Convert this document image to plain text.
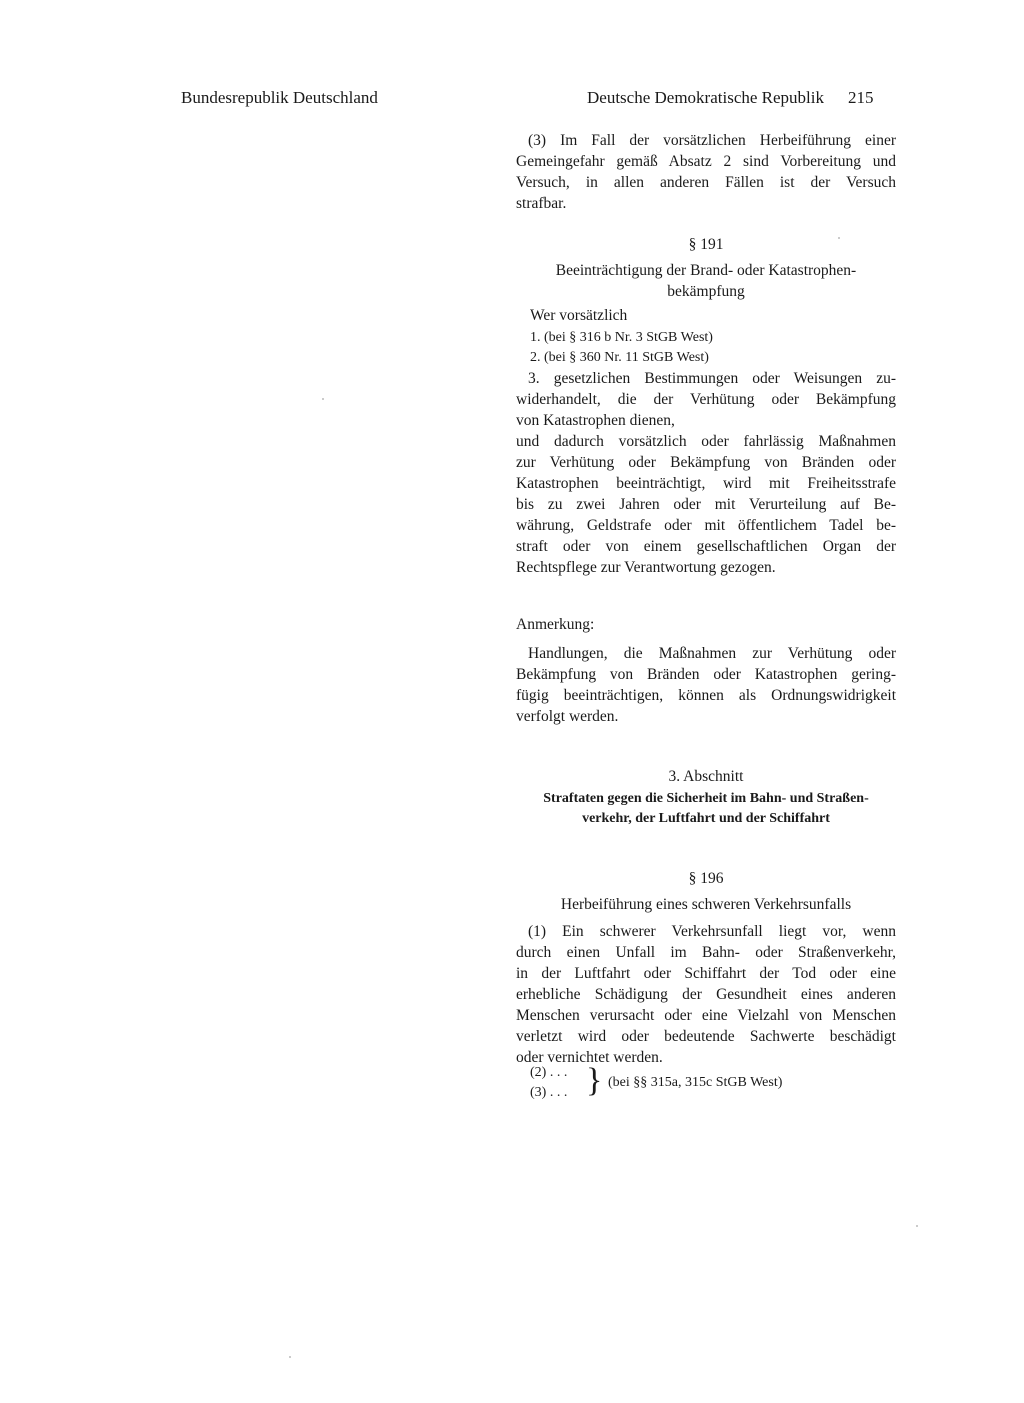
Bundesrepublik Deutschland	Deutsche Demokratische Republik 215
(3) Im Fall der vorsätzlichen Herbeiführung einer
Gemeingefahr gemäß Absatz 2 sind Vorbereitung und
Versuch, in allen anderen Fällen ist der Versuch
strafbar.
§ 191
Beeinträchtigung der Brand- oder Katastrophen-
bekämpfung
Wer vorsätzlich
1. (bei § 316 b Nr. 3 StGB West)
2. (bei § 360 Nr. 11 StGB West)
3. gesetzlichen Bestimmungen oder Weisungen zu-
widerhandelt, die der Verhütung oder Bekämpfung
von Katastrophen dienen,
und dadurch vorsätzlich oder fahrlässig Maßnahmen
zur Verhütung oder Bekämpfung von Bränden oder
Katastrophen beeinträchtigt, wird mit Freiheitsstrafe
bis zu zwei Jahren oder mit Verurteilung auf Be-
währung, Geldstrafe oder mit öffentlichem Tadel be-
straft oder von einem gesellschaftlichen Organ der
Rechtspflege zur Verantwortung gezogen.
Anmerkung:
Handlungen, die Maßnahmen zur Verhütung oder
Bekämpfung von Bränden oder Katastrophen gering-
fügig beeinträchtigen, können als Ordnungswidrigkeit
verfolgt werden.
3. Abschnitt
Straftaten gegen die Sicherheit im Bahn- und Straßen-
verkehr, der Luftfahrt und der Schiffahrt
§ 196
Herbeiführung eines schweren Verkehrsunfalls
(1) Ein schwerer Verkehrsunfall liegt vor, wenn
durch einen Unfall im Bahn- oder Straßenverkehr,
in der Luftfahrt oder Schiffahrt der Tod oder eine
erhebliche Schädigung der Gesundheit eines anderen
Menschen verursacht oder eine Vielzahl von Menschen
verletzt wird oder bedeutende Sachwerte beschädigt
oder vernichtet werden.
(2) . . .
(3) . . . } (bei §§ 315a, 315c StGB West)
